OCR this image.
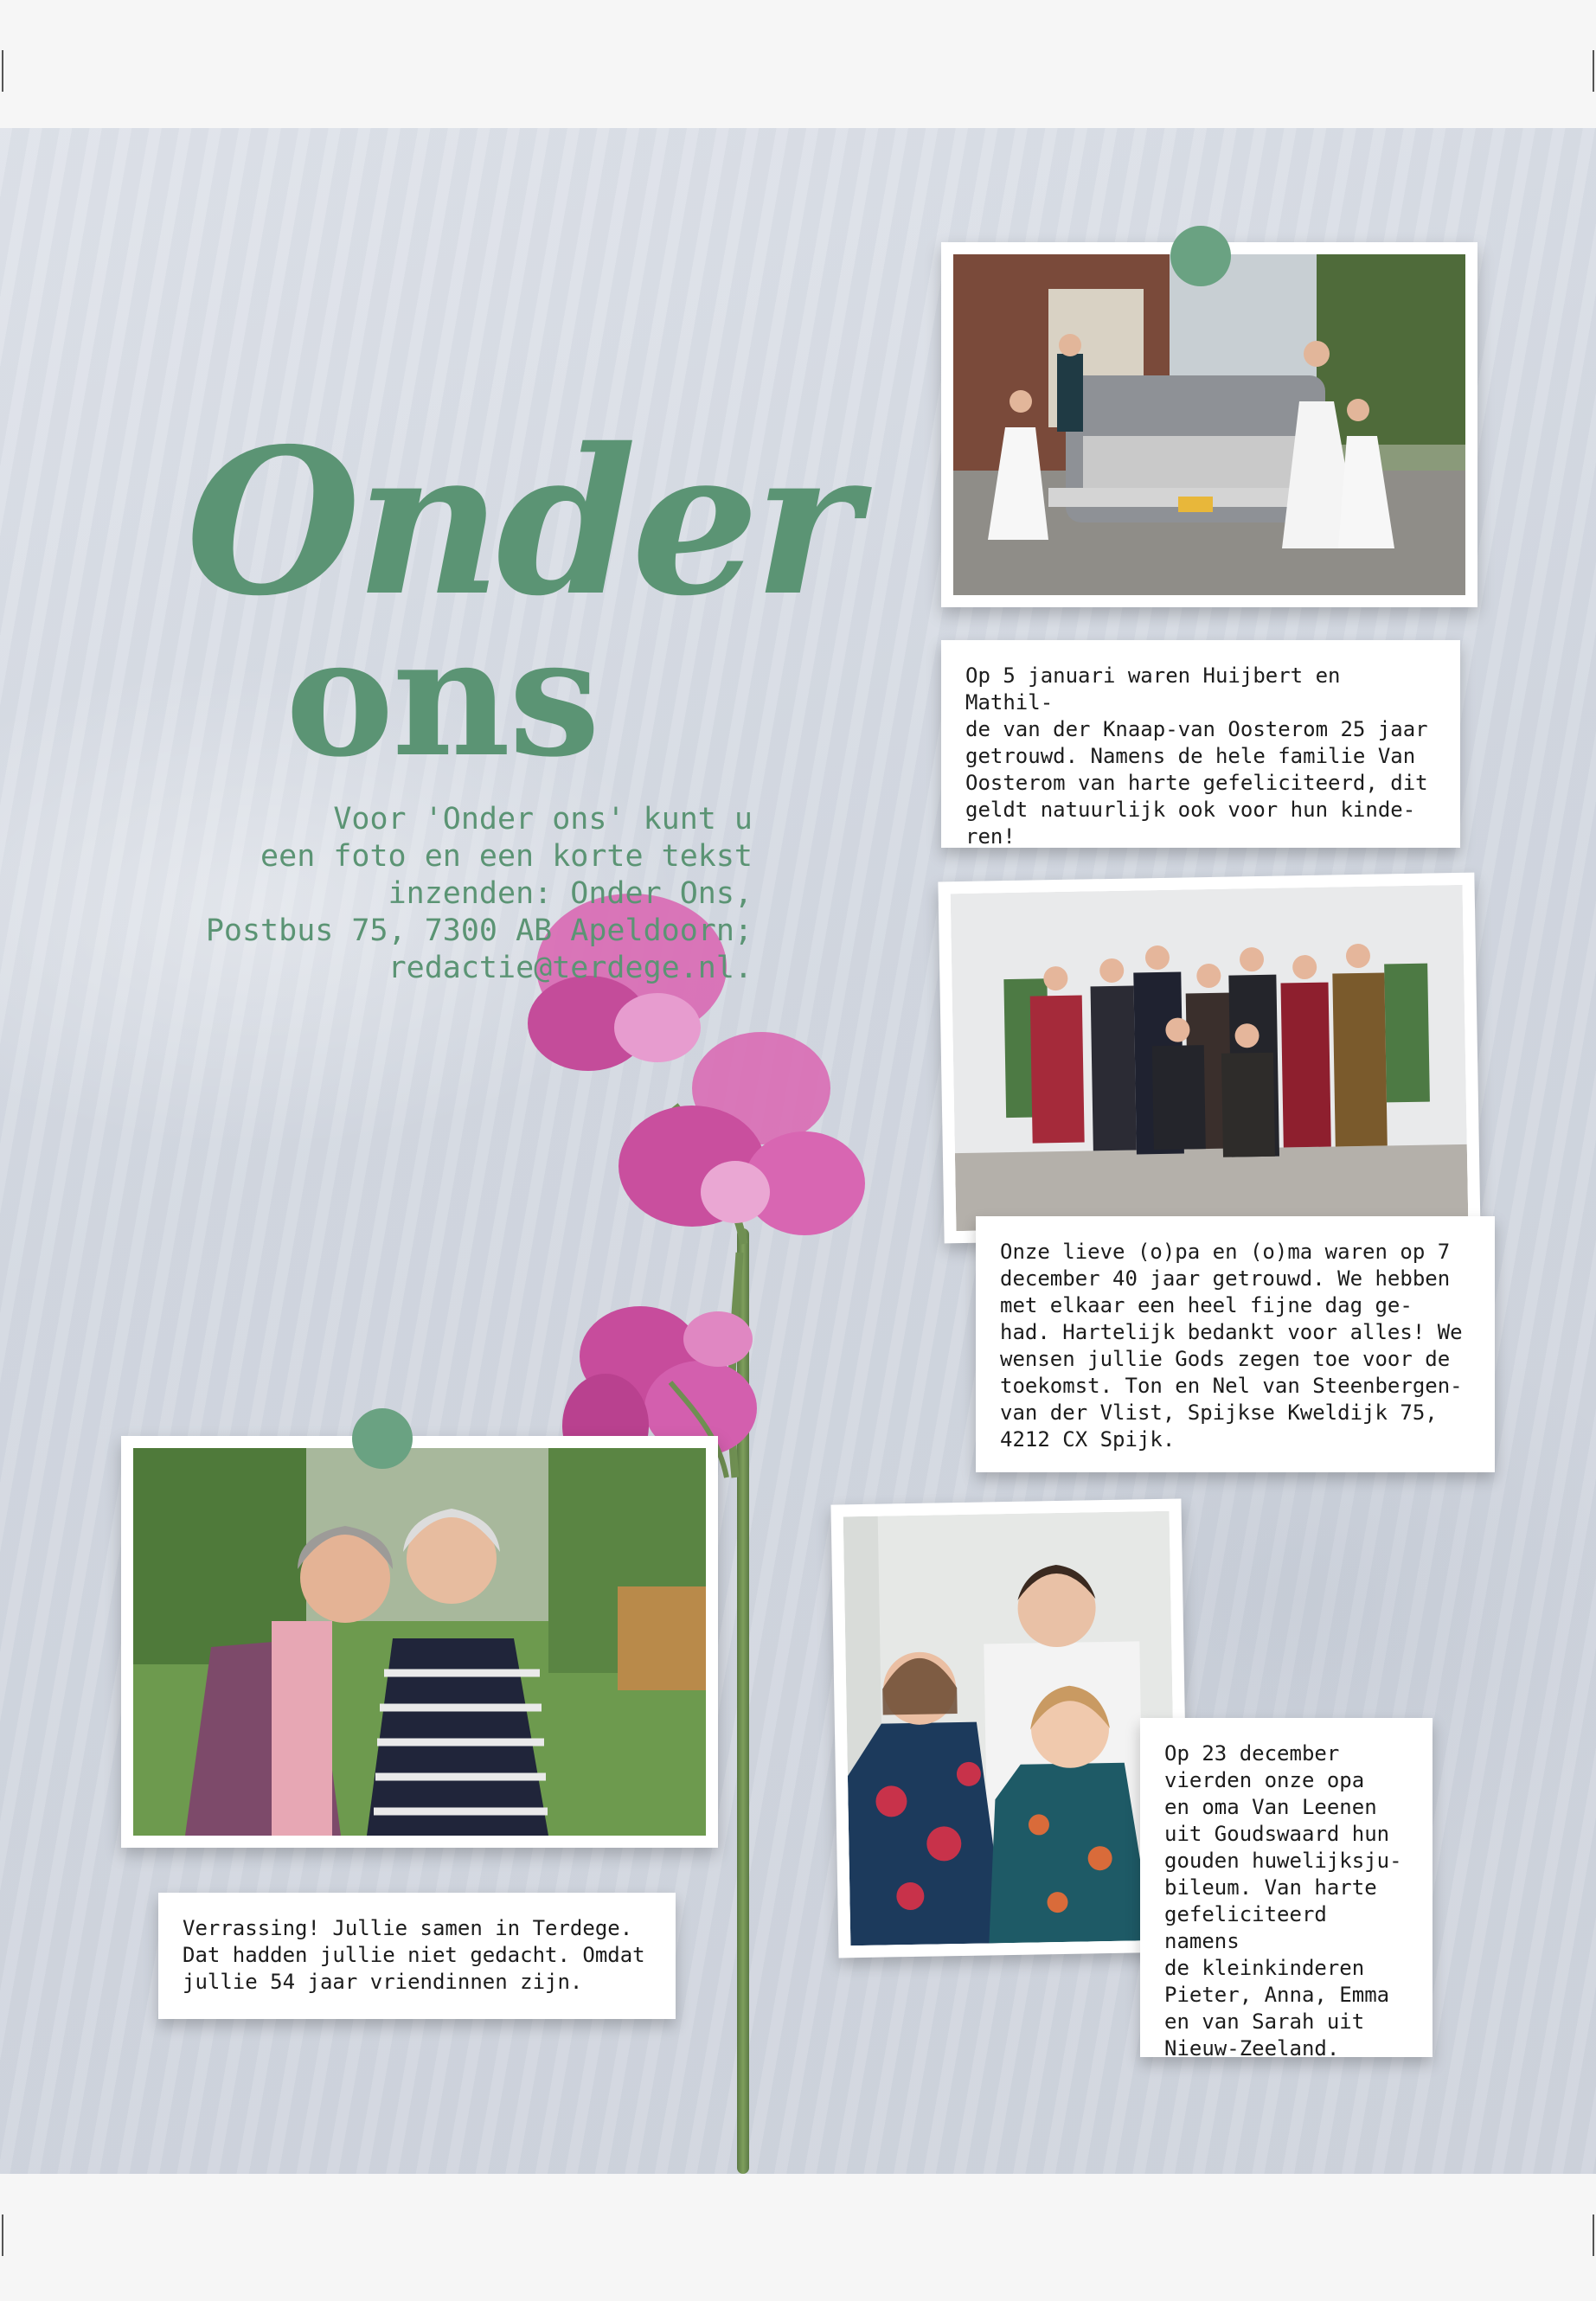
Onder
ons

Voor 'Onder ons' kunt u
een foto en een korte tekst
inzenden: Onder Ons,
Postbus 75, 7300 AB Apeldoorn;
redactie@terdege.nl.

Op 5 januari waren Huijbert en Mathil-
de van der Knaap-van Oosterom 25 jaar
getrouwd. Namens de hele familie Van
Oosterom van harte gefeliciteerd, dit
geldt natuurlijk ook voor hun kinde-
ren!
Onze lieve (o)pa en (o)ma waren op 7
december 40 jaar getrouwd. We hebben
met elkaar een heel fijne dag ge-
had. Hartelijk bedankt voor alles! We
wensen jullie Gods zegen toe voor de
toekomst. Ton en Nel van Steenbergen-
van der Vlist, Spijkse Kweldijk 75,
4212 CX Spijk.
Verrassing! Jullie samen in Terdege.
Dat hadden jullie niet gedacht. Omdat
jullie 54 jaar vriendinnen zijn.
Op 23 december
vierden onze opa
en oma Van Leenen
uit Goudswaard hun
gouden huwelijksju-
bileum. Van harte
gefeliciteerd namens
de kleinkinderen
Pieter, Anna, Emma
en van Sarah uit
Nieuw-Zeeland.
